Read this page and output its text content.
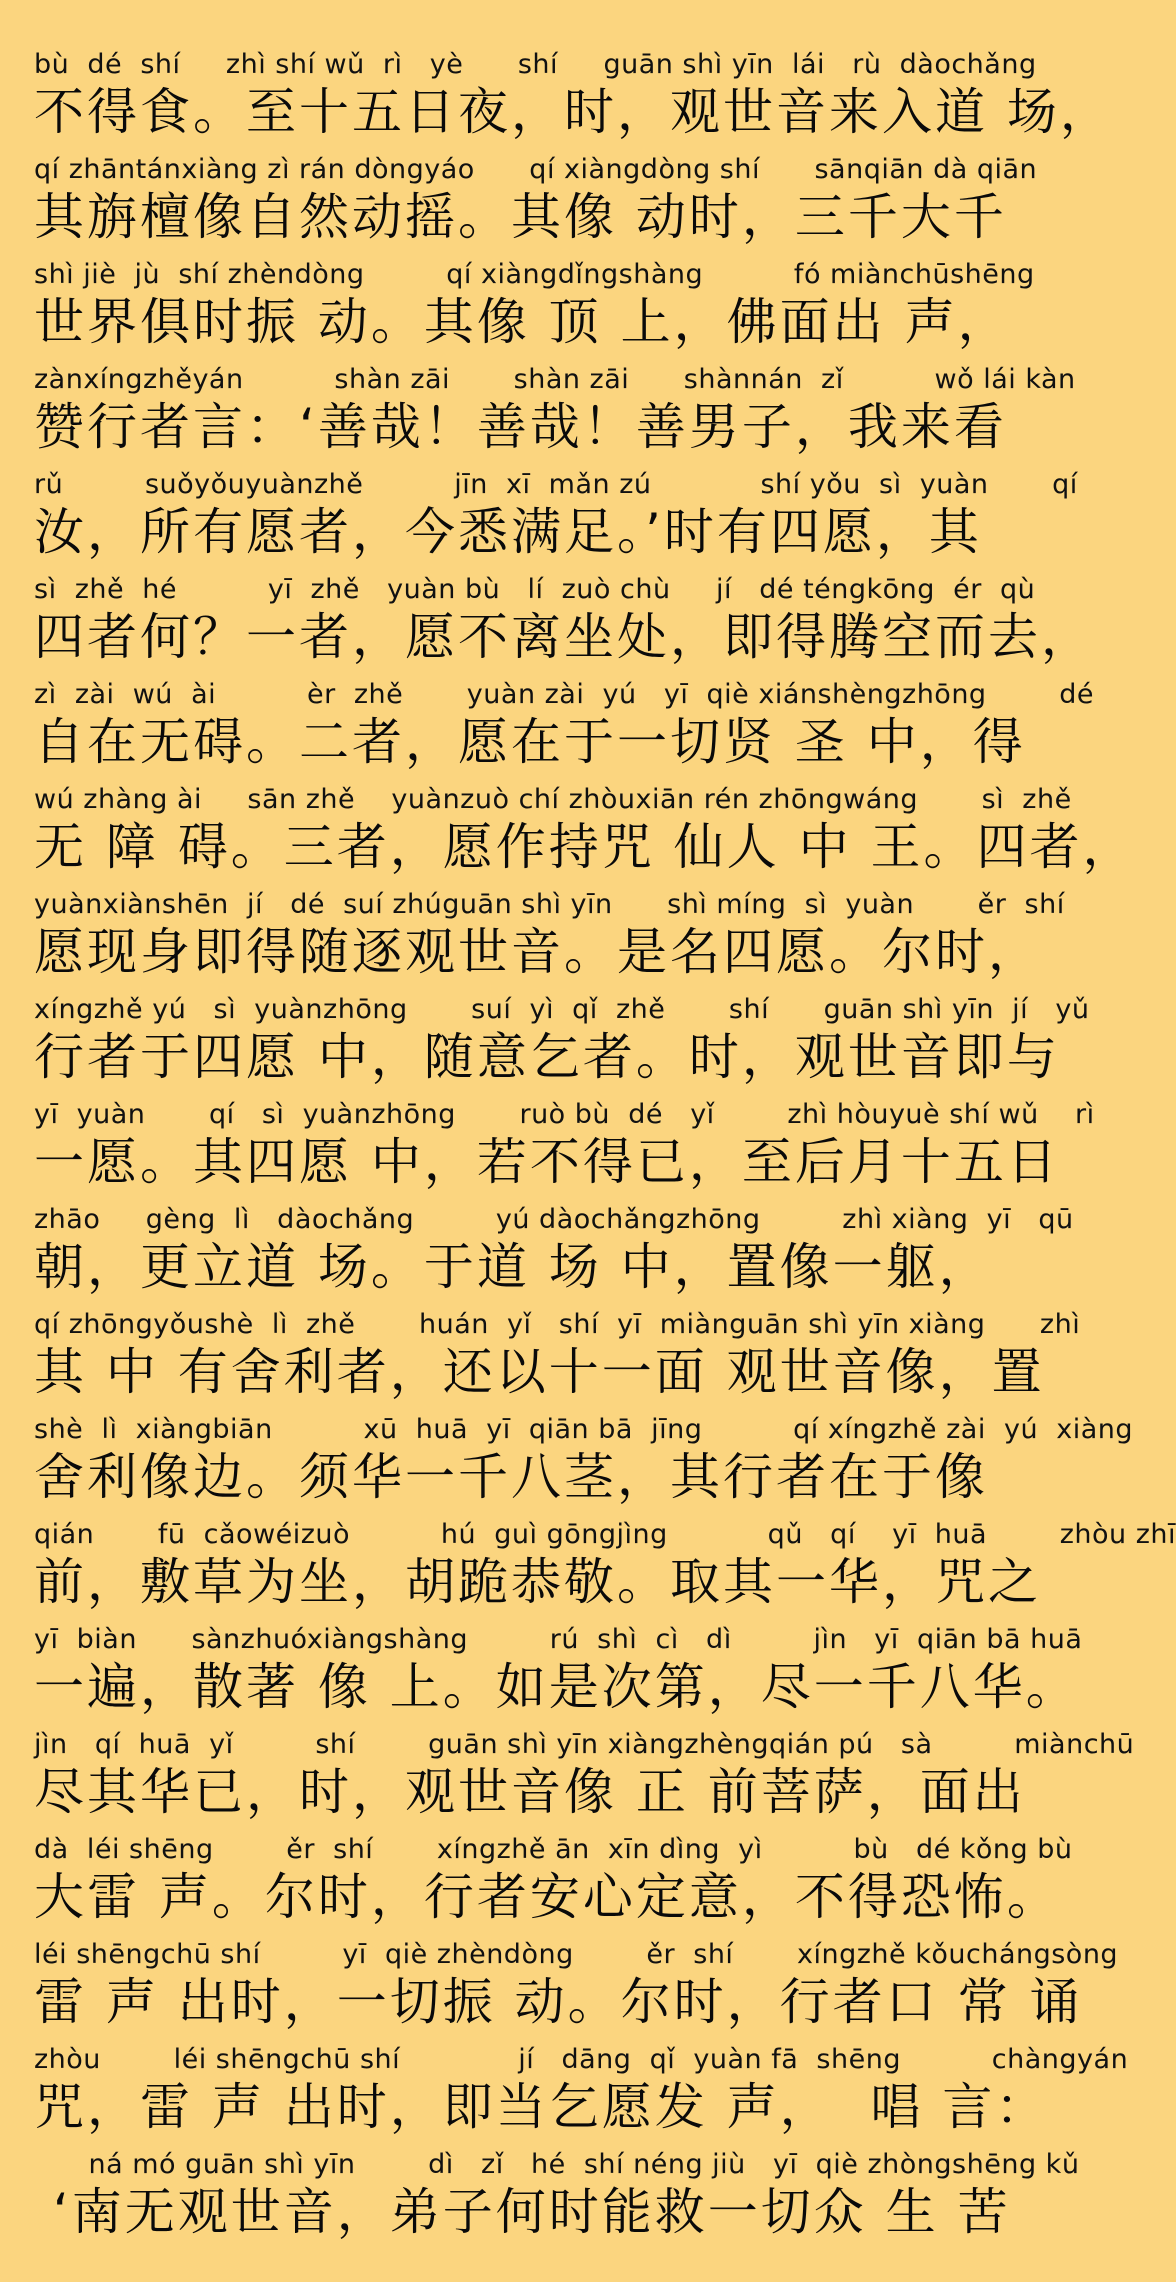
bù  dé  shí     zhì shí wǔ  rì   yè      shí     guān shì yīn  lái   rù  dàochǎng
不得食。至十五日夜，时，观世音来入道 场，
qí zhāntánxiàng zì rán dòngyáo      qí xiàngdòng shí      sānqiān dà qiān
其旃檀像自然动摇。其像 动时，三千大千
shì jiè  jù  shí zhèndòng         qí xiàngdǐngshàng          fó miànchūshēng
世界俱时振 动。其像 顶 上，佛面出 声，
zànxíngzhěyán          shàn zāi       shàn zāi      shànnán  zǐ          wǒ lái kàn
赞行者言：‘善哉！善哉！善男子，我来看
rǔ         suǒyǒuyuànzhě          jīn  xī  mǎn zú            shí yǒu  sì  yuàn       qí
汝，所有愿者，今悉满足。’时有四愿，其
sì  zhě  hé          yī  zhě   yuàn bù   lí  zuò chù     jí   dé téngkōng  ér  qù
四者何？一者，愿不离坐处，即得腾空而去，
zì  zài  wú  ài          èr  zhě       yuàn zài  yú   yī  qiè xiánshèngzhōng        dé
自在无碍。二者，愿在于一切贤 圣 中，得
wú zhàng ài     sān zhě    yuànzuò chí zhòuxiān rén zhōngwáng       sì  zhě
无 障 碍。三者，愿作持咒 仙人 中 王。四者，
yuànxiànshēn  jí   dé  suí zhúguān shì yīn      shì míng  sì  yuàn       ěr  shí
愿现身即得随逐观世音。是名四愿。尔时，
xíngzhě yú   sì  yuànzhōng       suí  yì  qǐ  zhě       shí      guān shì yīn  jí   yǔ
行者于四愿 中，随意乞者。时，观世音即与
yī  yuàn       qí   sì  yuànzhōng       ruò bù  dé   yǐ        zhì hòuyuè shí wǔ    rì
一愿。其四愿 中，若不得已，至后月十五日
zhāo     gèng  lì   dàochǎng         yú dàochǎngzhōng         zhì xiàng  yī   qū
朝，更立道 场。于道 场 中，置像一躯，
qí zhōngyǒushè  lì  zhě       huán  yǐ   shí  yī  miànguān shì yīn xiàng      zhì
其 中 有舍利者，还以十一面 观世音像，置
shè  lì  xiàngbiān          xū  huā  yī  qiān bā  jīng          qí xíngzhě zài  yú  xiàng
舍利像边。须华一千八茎，其行者在于像
qián       fū  cǎowéizuò          hú  guì gōngjìng           qǔ   qí    yī  huā        zhòu zhī
前，敷草为坐，胡跪恭敬。取其一华，咒之
yī  biàn      sànzhuóxiàngshàng         rú  shì  cì   dì         jìn   yī  qiān bā huā
一遍，散著 像 上。如是次第，尽一千八华。
jìn   qí  huā  yǐ         shí        guān shì yīn xiàngzhèngqián pú   sà         miànchū
尽其华已，时，观世音像 正 前菩萨，面出
dà  léi shēng        ěr  shí       xíngzhě ān  xīn dìng  yì          bù   dé kǒng bù
大雷 声。尔时，行者安心定意，不得恐怖。
léi shēngchū shí         yī  qiè zhèndòng        ěr  shí       xíngzhě kǒuchángsòng
雷 声 出时，一切振 动。尔时，行者口 常 诵
zhòu        léi shēngchū shí             jí   dāng  qǐ  yuàn fā  shēng          chàngyán
咒，雷 声 出时，即当乞愿发 声，  唱 言：
ná mó guān shì yīn        dì   zǐ   hé  shí néng jiù   yī  qiè zhòngshēng kǔ
‘南无观世音，弟子何时能救一切众 生 苦
